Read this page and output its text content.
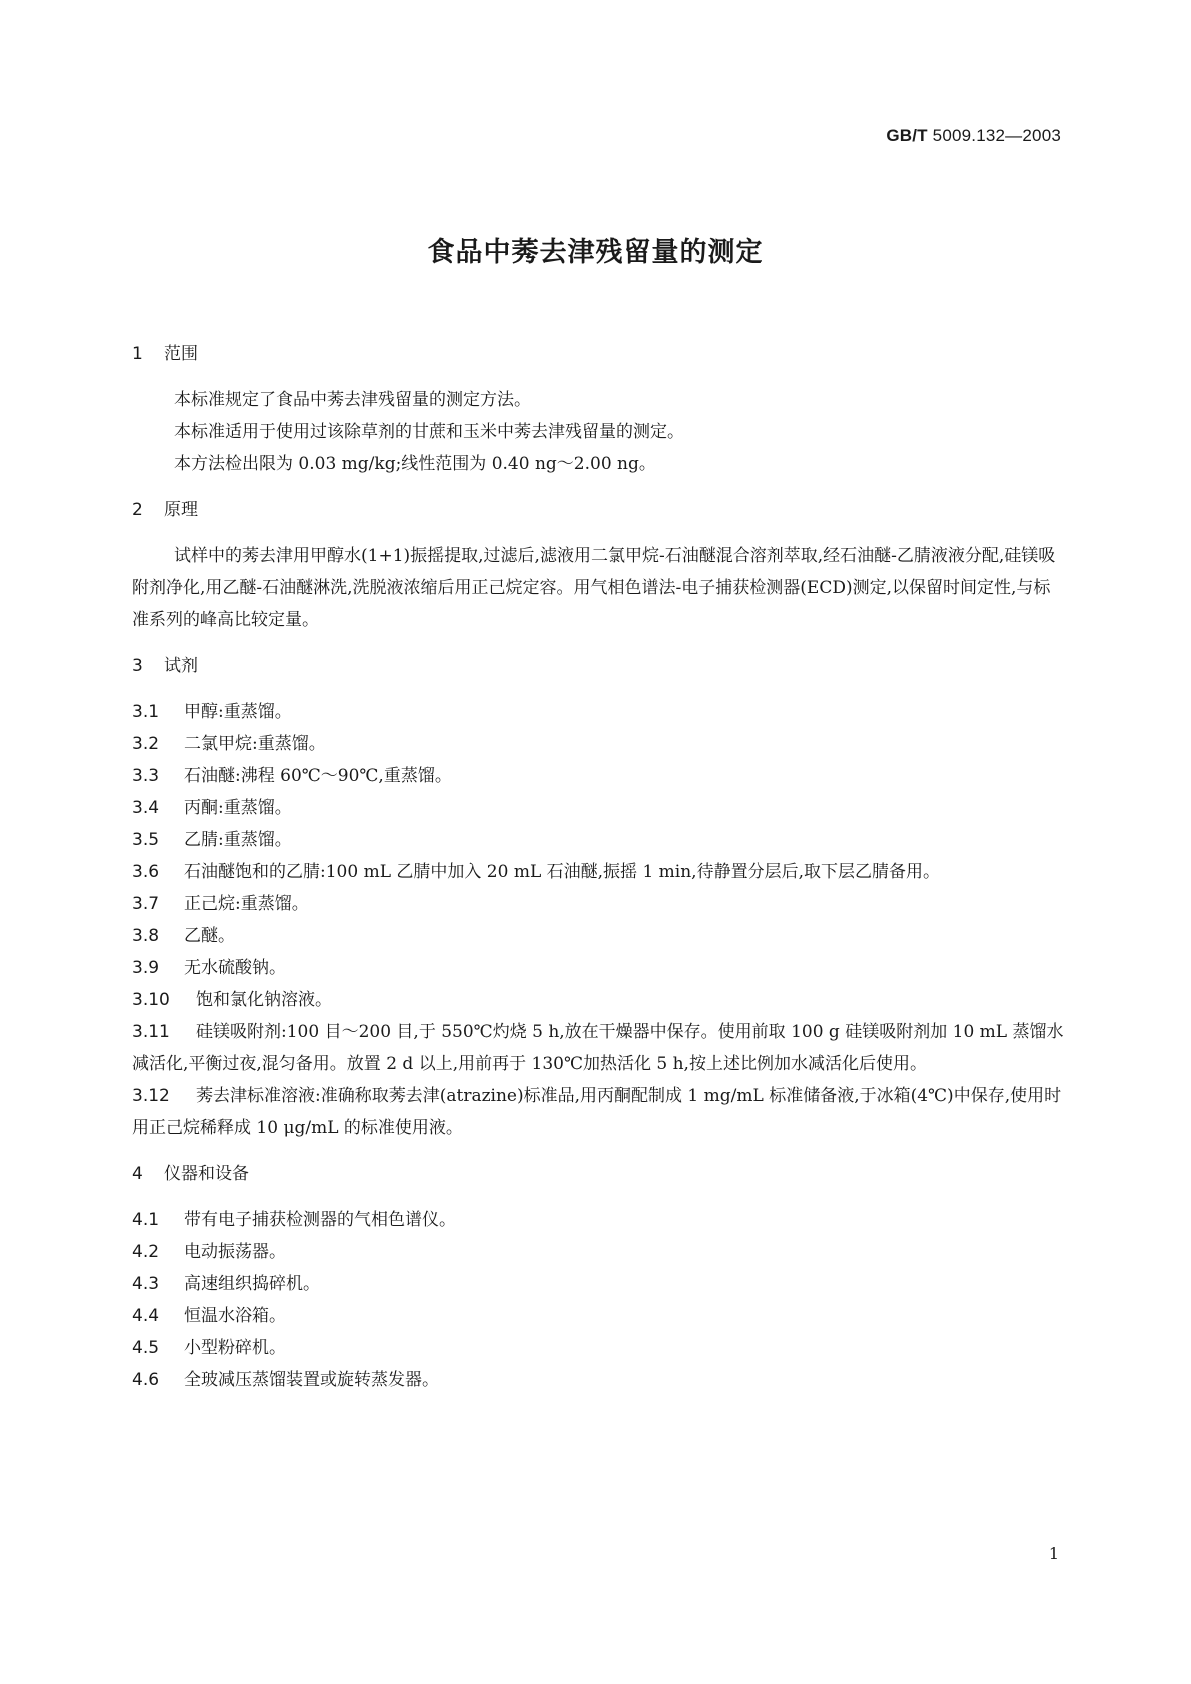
GB/T 5009.132—2003
食品中莠去津残留量的测定

1 范围

本标准规定了食品中莠去津残留量的测定方法。

本标准适用于使用过该除草剂的甘蔗和玉米中莠去津残留量的测定。

本方法检出限为 0.03 mg/kg;线性范围为 0.40 ng～2.00 ng。

2 原理

试样中的莠去津用甲醇水(1+1)振摇提取,过滤后,滤液用二氯甲烷-石油醚混合溶剂萃取,经石油醚-乙腈液液分配,硅镁吸附剂净化,用乙醚-石油醚淋洗,洗脱液浓缩后用正己烷定容。用气相色谱法-电子捕获检测器(ECD)测定,以保留时间定性,与标准系列的峰高比较定量。

3 试剂

3.1 甲醇:重蒸馏。

3.2 二氯甲烷:重蒸馏。

3.3 石油醚:沸程 60℃～90℃,重蒸馏。

3.4 丙酮:重蒸馏。

3.5 乙腈:重蒸馏。

3.6 石油醚饱和的乙腈:100 mL 乙腈中加入 20 mL 石油醚,振摇 1 min,待静置分层后,取下层乙腈备用。

3.7 正己烷:重蒸馏。

3.8 乙醚。

3.9 无水硫酸钠。

3.10 饱和氯化钠溶液。

3.11 硅镁吸附剂:100 目～200 目,于 550℃灼烧 5 h,放在干燥器中保存。使用前取 100 g 硅镁吸附剂加 10 mL 蒸馏水减活化,平衡过夜,混匀备用。放置 2 d 以上,用前再于 130℃加热活化 5 h,按上述比例加水减活化后使用。

3.12 莠去津标准溶液:准确称取莠去津(atrazine)标准品,用丙酮配制成 1 mg/mL 标准储备液,于冰箱(4℃)中保存,使用时用正己烷稀释成 10 μg/mL 的标准使用液。

4 仪器和设备

4.1 带有电子捕获检测器的气相色谱仪。

4.2 电动振荡器。

4.3 高速组织捣碎机。

4.4 恒温水浴箱。

4.5 小型粉碎机。

4.6 全玻减压蒸馏装置或旋转蒸发器。

1
